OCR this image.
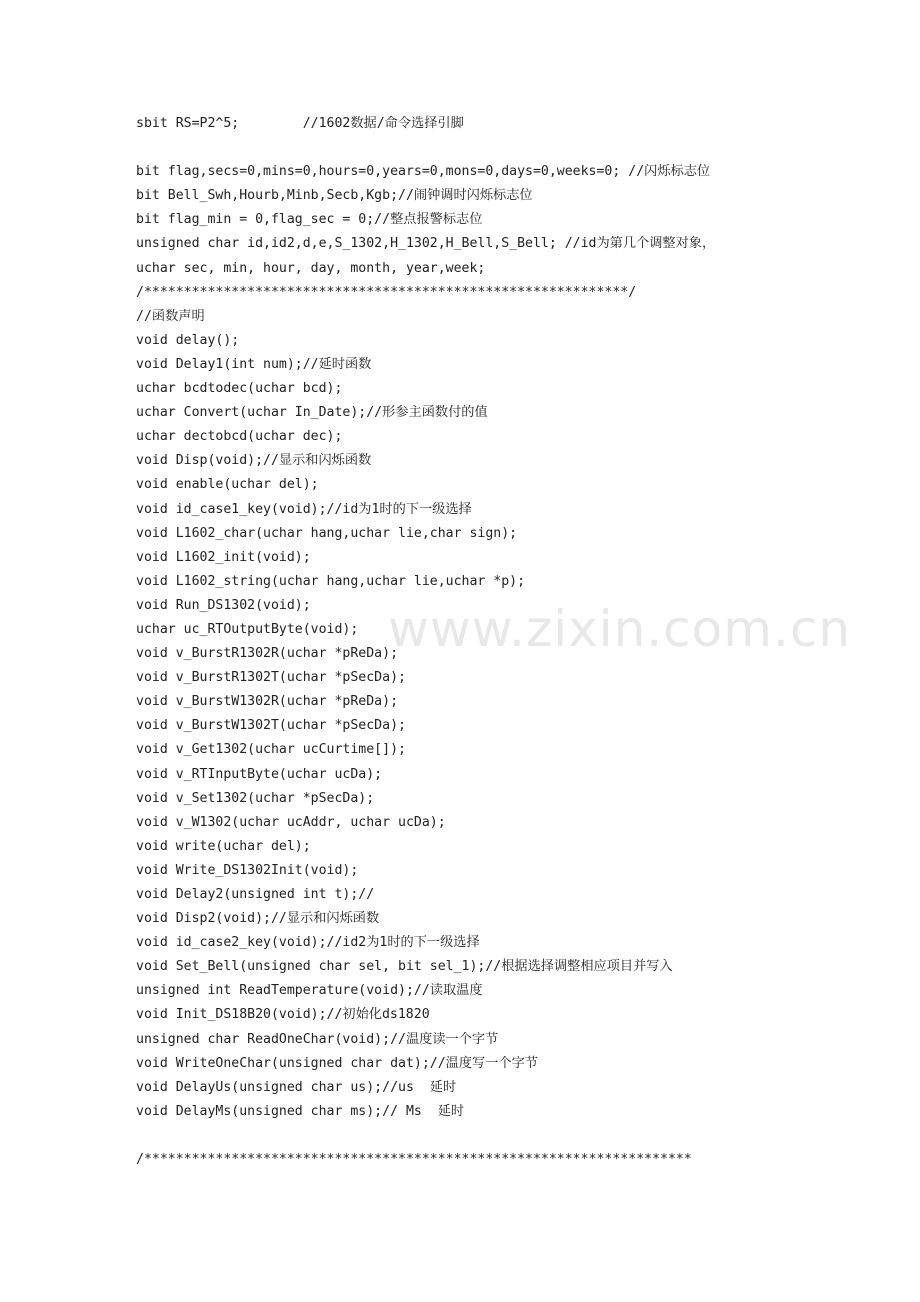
sbit RS=P2^5;        //1602数据/命令选择引脚
bit flag,secs=0,mins=0,hours=0,years=0,mons=0,days=0,weeks=0; //闪烁标志位
bit Bell_Swh,Hourb,Minb,Secb,Kgb;//闹钟调时闪烁标志位
bit flag_min = 0,flag_sec = 0;//整点报警标志位
unsigned char id,id2,d,e,S_1302,H_1302,H_Bell,S_Bell; //id为第几个调整对象，
uchar sec, min, hour, day, month, year,week;
/*************************************************************/
//函数声明
void delay();
void Delay1(int num);//延时函数
uchar bcdtodec(uchar bcd);
uchar Convert(uchar In_Date);//形参主函数付的值
uchar dectobcd(uchar dec);
void Disp(void);//显示和闪烁函数
void enable(uchar del);
void id_case1_key(void);//id为1时的下一级选择
void L1602_char(uchar hang,uchar lie,char sign);
void L1602_init(void);
void L1602_string(uchar hang,uchar lie,uchar *p);
void Run_DS1302(void);
uchar uc_RTOutputByte(void);
void v_BurstR1302R(uchar *pReDa);
void v_BurstR1302T(uchar *pSecDa);
void v_BurstW1302R(uchar *pReDa);
void v_BurstW1302T(uchar *pSecDa);
void v_Get1302(uchar ucCurtime[]);
void v_RTInputByte(uchar ucDa);
void v_Set1302(uchar *pSecDa);
void v_W1302(uchar ucAddr, uchar ucDa);
void write(uchar del);
void Write_DS1302Init(void);
void Delay2(unsigned int t);//
void Disp2(void);//显示和闪烁函数
void id_case2_key(void);//id2为1时的下一级选择
void Set_Bell(unsigned char sel, bit sel_1);//根据选择调整相应项目并写入
unsigned int ReadTemperature(void);//读取温度
void Init_DS18B20(void);//初始化ds1820
unsigned char ReadOneChar(void);//温度读一个字节
void WriteOneChar(unsigned char dat);//温度写一个字节
void DelayUs(unsigned char us);//us  延时
void DelayMs(unsigned char ms);// Ms  延时
/*********************************************************************
www.zixin.com.cn
